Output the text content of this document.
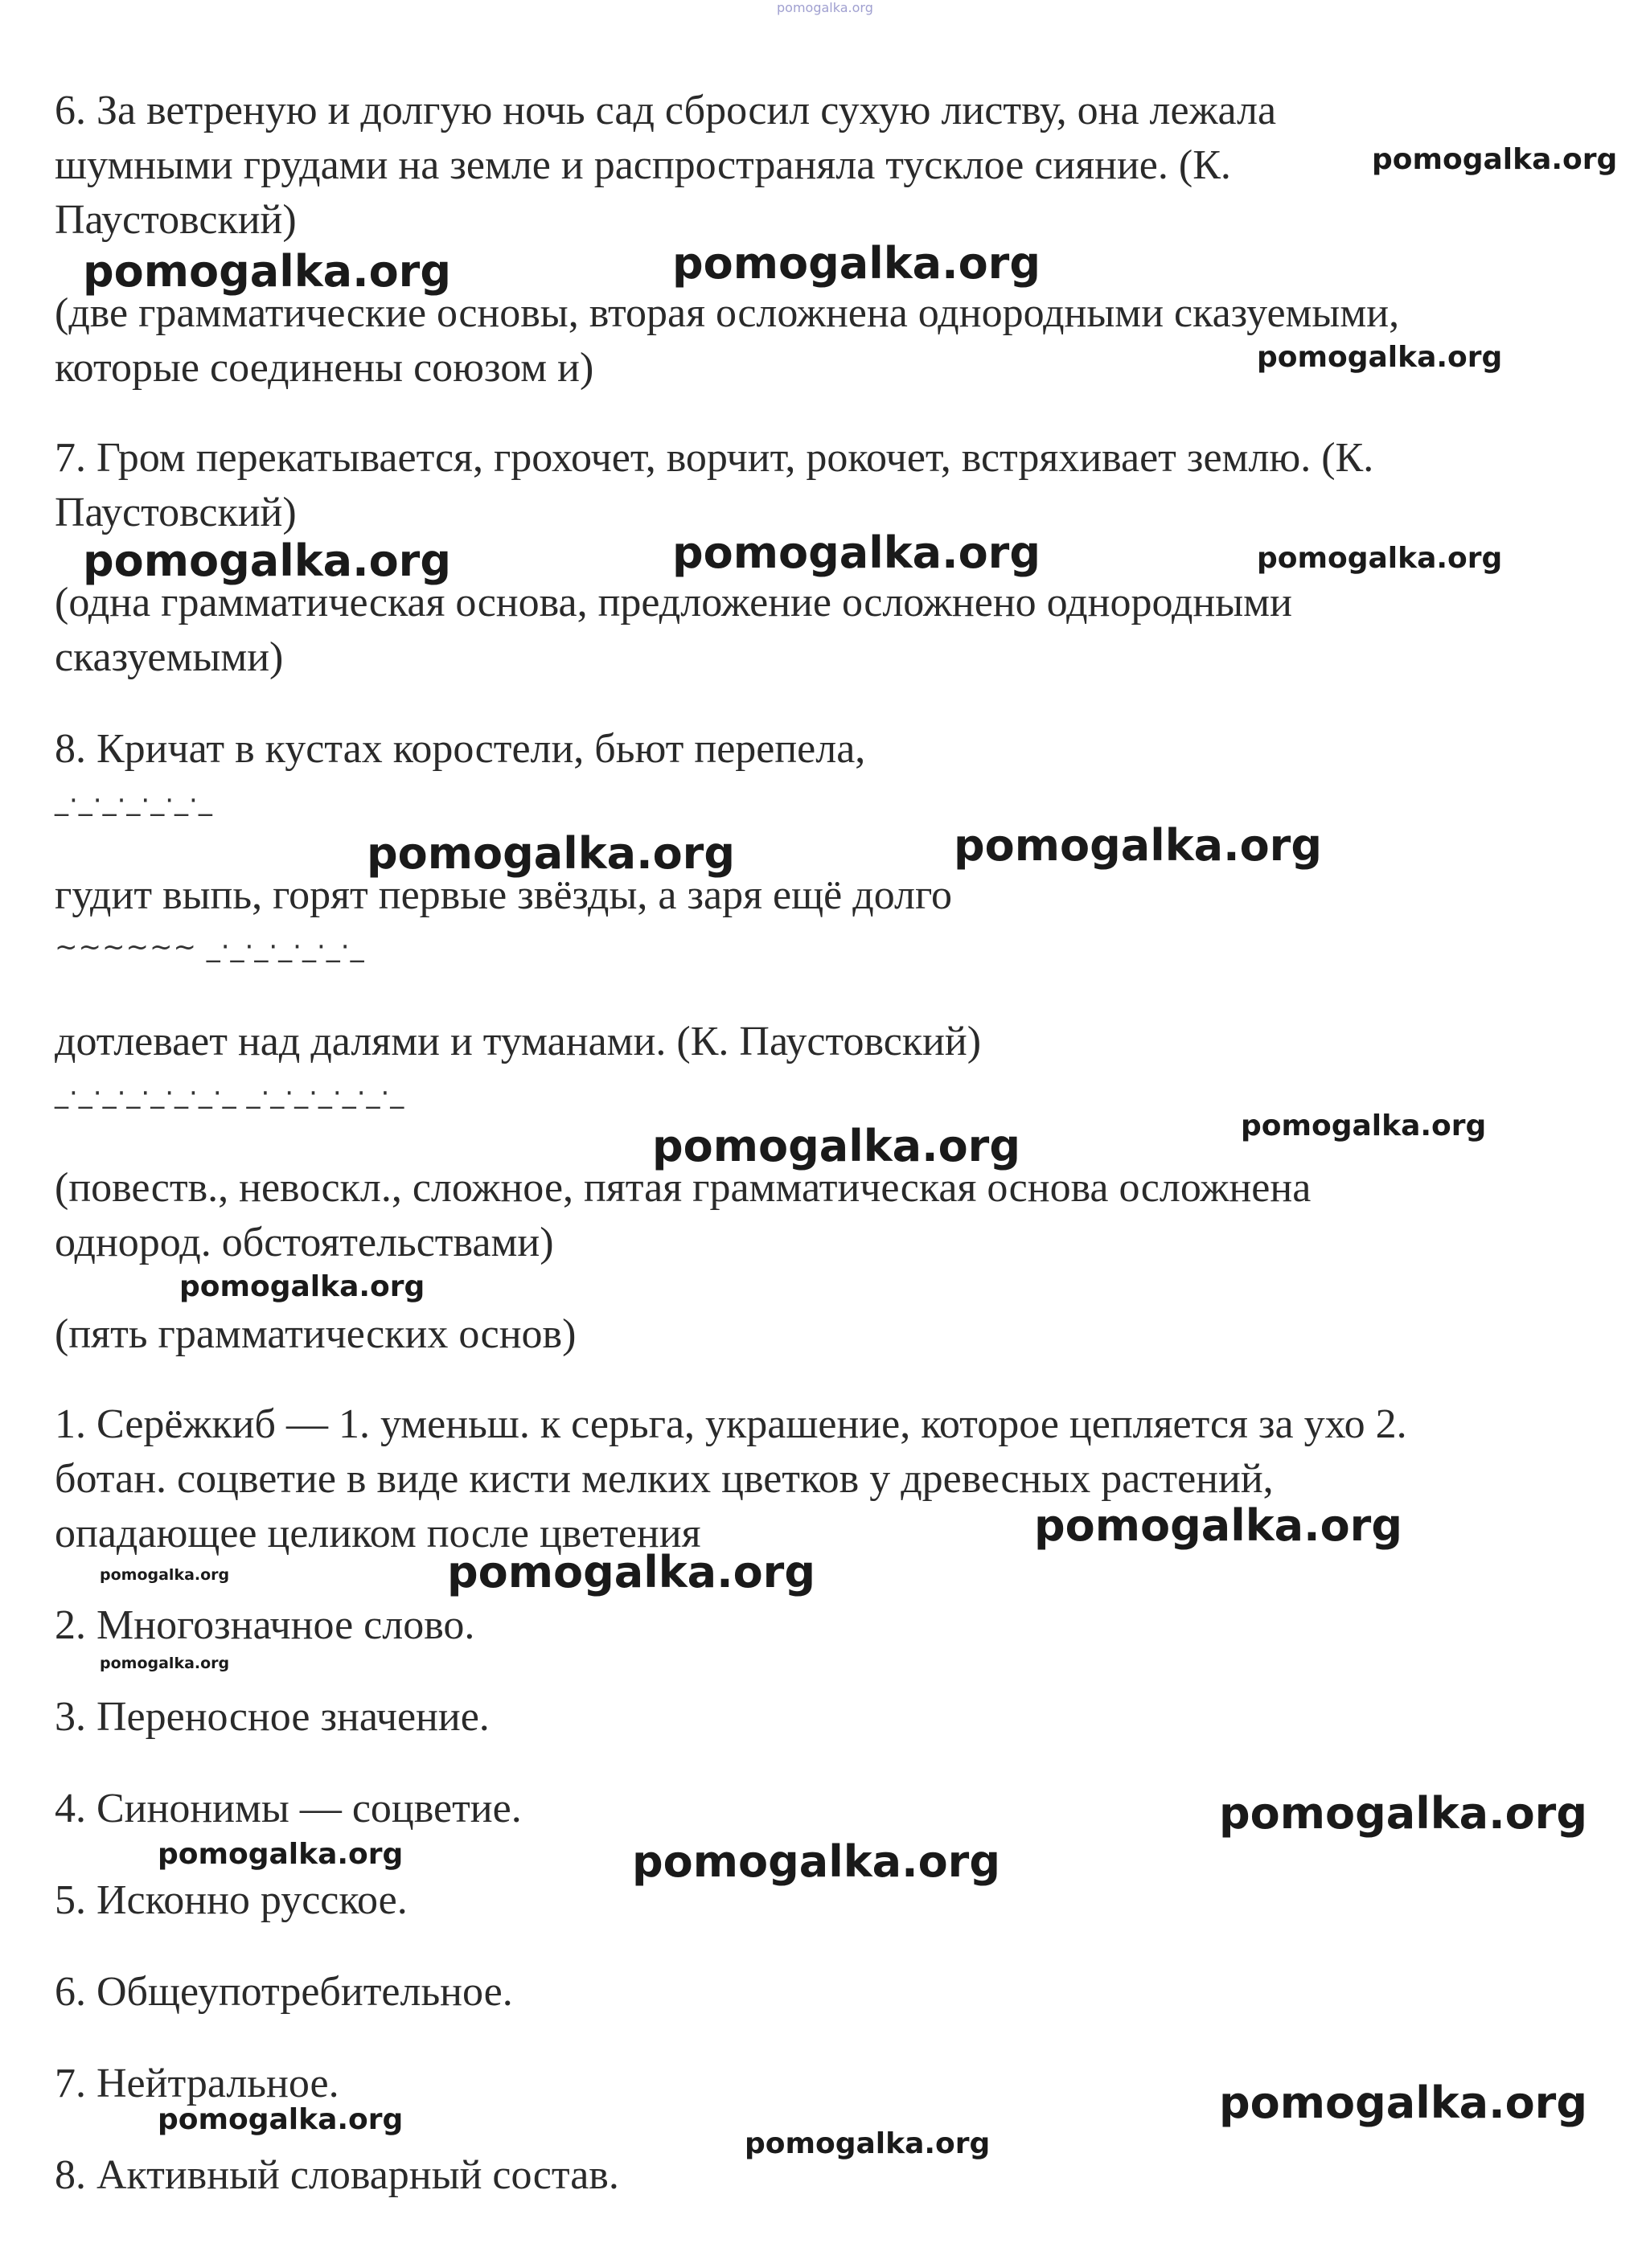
pomogalka.org
6. За ветреную и долгую ночь сад сбросил сухую листву, она лежала
шумными грудами на земле и распространяла тусклое сияние. (К.
Паустовский)
(две грамматические основы, вторая осложнена однородными сказуемыми,
которые соединены союзом и)
7. Гром перекатывается, грохочет, ворчит, рокочет, встряхивает землю. (К.
Паустовский)
(одна грамматическая основа, предложение осложнено однородными
сказуемыми)
8. Кричат в кустах коростели, бьют перепела,
_·_·_·_·_·_·_
гудит выпь, горят первые звёзды, а заря ещё долго
~~~~~~ _·_·_·_·_·_·_
дотлевает над далями и туманами. (К. Паустовский)
_·_·_·_·_·_·_·_ _·_·_·_·_·_·_
(повеств., невоскл., сложное, пятая грамматическая основа осложнена
однород. обстоятельствами)
(пять грамматических основ)
1. Серёжкиб — 1. уменьш. к серьга, украшение, которое цепляется за ухо 2.
ботан. соцветие в виде кисти мелких цветков у древесных растений,
опадающее целиком после цветения
2. Многозначное слово.
3. Переносное значение.
4. Синонимы — соцветие.
5. Исконно русское.
6. Общеупотребительное.
7. Нейтральное.
8. Активный словарный состав.
pomogalka.org
pomogalka.org	pomogalka.org
pomogalka.org
pomogalka.org	pomogalka.org	pomogalka.org
pomogalka.org	pomogalka.org
pomogalka.org
pomogalka.org
pomogalka.org
pomogalka.org
pomogalka.org	pomogalka.org
pomogalka.org
pomogalka.org
pomogalka.org	pomogalka.org
pomogalka.org
pomogalka.org
pomogalka.org
